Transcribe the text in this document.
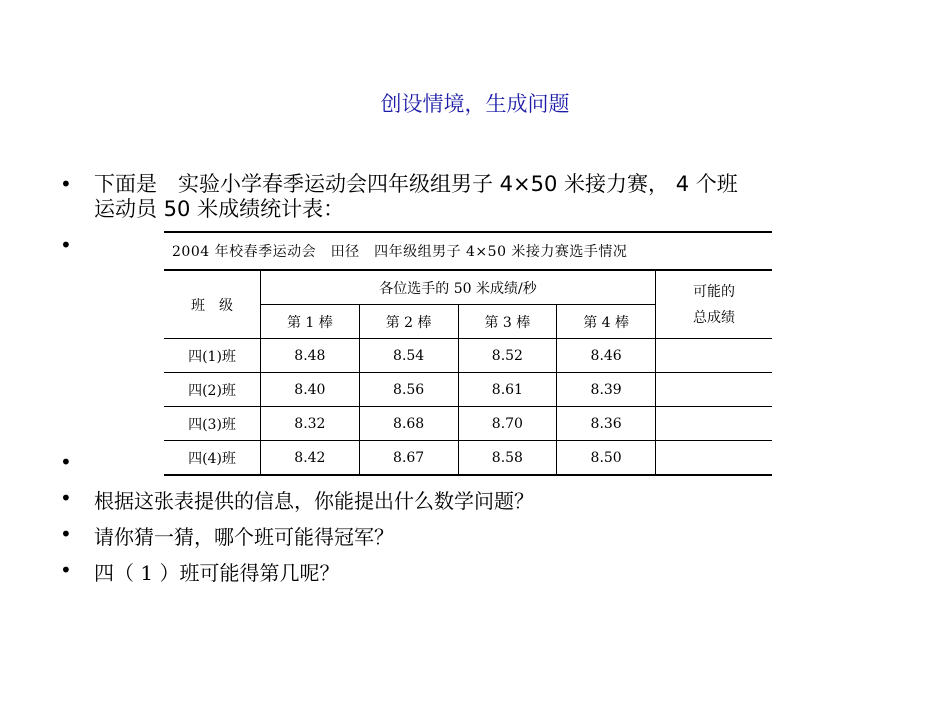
创设情境，生成问题
• 下面是　实验小学春季运动会四年级组男子 4×50 米接力赛， 4 个班
运动员 50 米成绩统计表：
•	2004 年校春季运动会　田径　四年级组男子 4×50 米接力赛选手情况
班　级	各位选手的 50 米成绩/秒				可能的
总成绩

	第 1 棒	第 2 棒	第 3 棒	第 4 棒	
四(1)班	8.48	8.54	8.52	8.46	
四(2)班	8.40	8.56	8.61	8.39	
四(3)班	8.32	8.68	8.70	8.36	
四(4)班	8.42	8.67	8.58	8.50	
•
• 根据这张表提供的信息，你能提出什么数学问题？
• 请你猜一猜，哪个班可能得冠军？
• 四（ 1 ）班可能得第几呢？
